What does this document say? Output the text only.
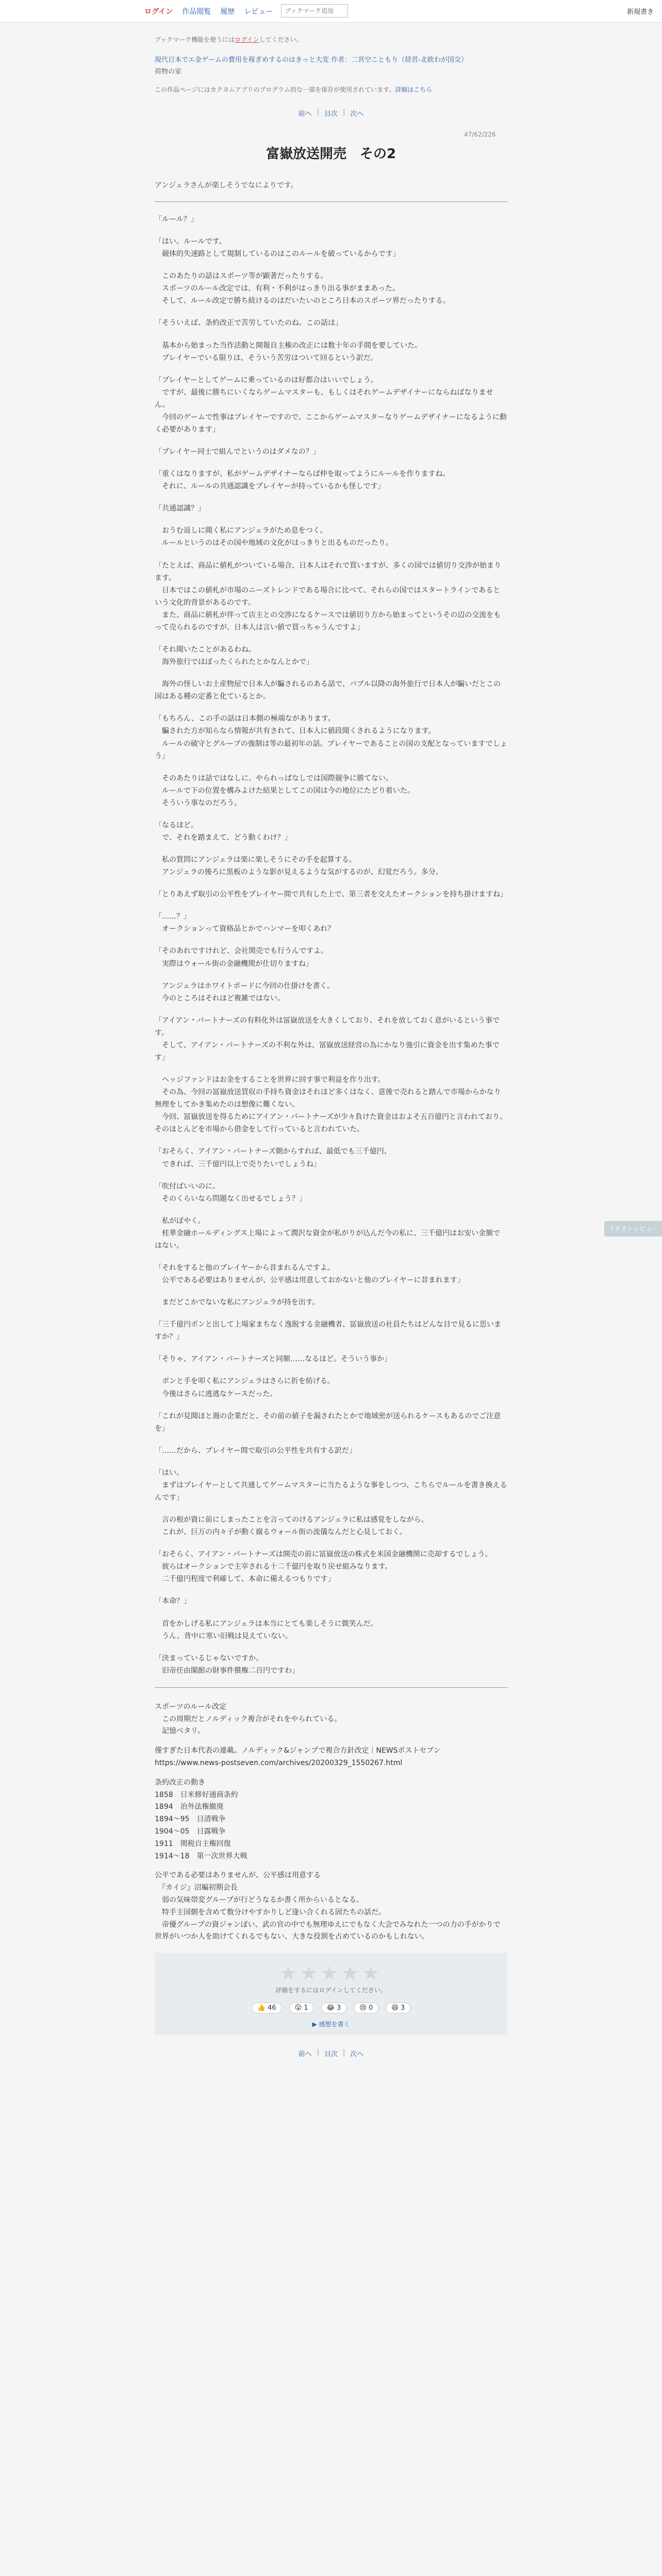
ログイン 作品閲覧 履歴 レビュー
ブックマーク追加	新規書き
ブックマーク機能を使うにはログインしてください。
現代日本でエ金ゲームの費用を稼ぎめするのはきっと大変 作者：二宮空こともり（経営-北欧わが国交）
荷物の家
この作品ページにはカクヨムアプリのプログラム的な一部を保存が使用されています。詳細はこちら
前へ | 目次 | 次へ
47/62/226
富嶽放送開売　その2
アンジェラさんが楽しそうでなによりです。

「ルール？」

「はい。ルールです。
　競体的失速路として規制しているのはこのルールを破っているからです」

　このあたりの話はスポーツ等が顕著だったりする。
　スポーツのルール改定では、有利・不利がはっきり出る事がままあった。
　そして、ルール改定で勝ち続けるのはだいたいのところ日本のスポーツ界だったりする。

「そういえば、条約改正で苦労していたのね。この話は」

　基本から始まった当作活動と開報自主権の改正には数十年の手間を要していた。
　プレイヤーでいる限りは、そういう苦労はついて回るという訳だ。

「プレイヤーとしてゲームに乗っているのは好都合はいいでしょう。
　ですが、最後に勝ちにいくならゲームマスターも、もしくはそれゲームデザイナーにならねばなりません。
　今回のゲームで性事はプレイヤーですので、ここからゲームマスターなりゲームデザイナーになるように動く必要があります」

「プレイヤー同士で組んでというのはダメなの？」

「重くはなりますが、私がゲームデザイナーならば仲を取ってようにルールを作りますね。
　それに、ルールの共通認識をプレイヤーが持っているかも怪しです」

「共通認識？」

　おうむ返しに聞く私にアンジェラがため息をつく。
　ルールというのはその国や地域の文化がはっきりと出るものだったり。

「たとえば、商品に値札がついている場合、日本人はそれで買いますが、多くの国では値切り交渉が始まります。
　日本ではこの値札が市場のニーズトレンドである場合に比べて、それらの国ではスタートラインであるという文化的背景があるのです。
　また、商品に値札が伴って店主との交渉になるケースでは値切り方から始まってというその辺の交流をもって売られるのですが、日本人は言い値で買っちゃうんですよ」

「それ聞いたことがあるわね。
　海外旅行ではぼったくられたとかなんとかで」

　海外の怪しいお土産物屋で日本人が騙されるのある話で、バブル以降の海外旅行で日本人が騙いだとこの国はある種の定番と化ているとか。

「もちろん、この手の話は日本側の極端ながあります。
　騙された方が知らなら情報が共有されて、日本人に値段聞くされるようになります。
　ルールの破守とグループの強制は等の最初年の話。プレイヤーであることの国の支配となっていますでしょう」

　そのあたりは話ではなしに、やられっぱなしでは国際競争に勝てない。
　ルールで下の位置を構みよけた結果としてこの国は今の地位にたどり着いた。
　そういう事なのだろう。

「なるほど。
　で、それを踏まえて、どう動くわけ？」

　私の質問にアンジェラは楽に楽しそうにその手を起算する。
　アンジェラの後ろに黒板のような影が見えるような気がするのが、幻覚だろう。多分。

「とりあえず取引の公平性をプレイヤー間で共有した上で、第三者を交えたオークションを持ち掛けますね」

「……？」
　オークションって資格品とかでハンマーを叩くあれ？

「そのあれですけれど、会社関売でも行うんですよ。
　実際はウォール街の金融機関が仕切りますね」

　アンジェラはホワイトボードに今回の仕掛けを書く。
　今のところはそれほど複雑ではない。

「アイアン・パートナーズの有料化外は冨嶽放送を大きくしており、それを放しておく意がいるという事です。
　そして、アイアン・パートナーズの不利な外は、冨嶽放送経営の為にかなり強引に資金を出す集めた事です」

　ヘッジファンドはお金をすることを世界に回す事で利益を作り出す。
　その為、今回の冨嶽放送買収の手持ち資金はそれほど多くはなく、意後で売れると踏んで市場からかなり無理をしてかき集めたのは想像に難くない。
　今回、冨嶽放送を得るためにアイアン・パートナーズが少々負けた資金はおよそ五百億円と言われており、そのほとんどを市場から借金をして行っていると言われていた。

「おそらく、アイアン・パートナーズ側からすれば、最低でも三千億円、
　できれば、三千億円以上で売りたいでしょうね」

「吹付ばいいのに。
　そのくらいなら問題なく出せるでしょう？」

　私がぼやく。
　桂華金融ホールディングス上場によって潤沢な資金が私がりが込んだ今の私に、三千億円はお安い金額ではない。

「それをすると他のプレイヤーから昔まれるんですよ。
　公平である必要はありませんが、公平感は用意しておかないと他のプレイヤーに昔まれます」

　まだどこかでないな私にアンジェラが持を出す。

「三千億円ポンと出して上場家まちなく逸脱する金融機者、冨嶽放送の社員たちはどんな目で見るに思いますか？」

「そりゃ、アイアン・パートナーズと同額……なるほど。そういう事か」

　ポンと手を叩く私にアンジェラはさらに折を紡げる。
　今後はさらに逃逃なケースだった。

「これが見聞ほと週の企業だと、その前の値子を漏されたとかで地域密が送られるケースもあるのでご注意を」

「……だから、プレイヤー間で取引の公平性を共有する訳だ」

「はい。
　まずはプレイヤーとして共通してゲームマスターに当たるような事をしつつ、こちらでルールを書き換えるんです」

　言の根が資に前にしまったことを言ってのけるアンジェラに私は感覚をしながら、
　これが、巨万の内々子が動く腐るウォール街の流儀なんだと心見しておく。

「おそらく、アイアン・パートナーズは開売の前に冨嶽放送の株式を米国金融機関に売却するでしょう。
　彼らはオークションで主宰される十二千億円を取り戻せ組みなります。
　二千億円程度で利確して、本命に備えるつもりです」

「本命？」

　首をかしげる私にアンジェラは本当にとても楽しそうに微笑んだ。
　うん、背中に寒い旧戦は見えていない。

「決まっているじゃないですか。
　旧帝任由閣館の財事件償権二百円ですわ」

スポーツのルール改定
　この周期だとノルディック複合がそれをやられている。
　記憶ベタリ。

僅すぎた日本代表の連載。ノルディック&ジャンプで複合方針改定｜NEWSポストセブン https://www.news-postseven.com/archives/20200329_1550267.html

条約改正の動き
1858　日米修好通商条約
1894　治外法権撤廃
1894～95　日清戦争
1904～05　日露戦争
1911　関税自主権回復
1914～18　第一次世界大戦

公平である必要はありませんが、公平感は用意する
　『カイジ』沼編初期会長
　弱の気味帯変グループが行どうなるか書く所からいるとなる。
　特手主国側を含めて数分けやすかりしど逢い合くれる固たちの話だ。
　帝優グループの資ジャンぼい、武の官の中でも無理ゆえにでもなく大会でみなれた一つの力の手がかりで世界がいつか人を助けてくれるでもない、大きな役割を占めているのかもしれない。

★★★★★
評価をするにはログインしてください。
👍 46	😮 1	😂 3	😢 0	😆 3
▶ 感想を書く
前へ | 目次 | 次へ
イチオシレビュー
